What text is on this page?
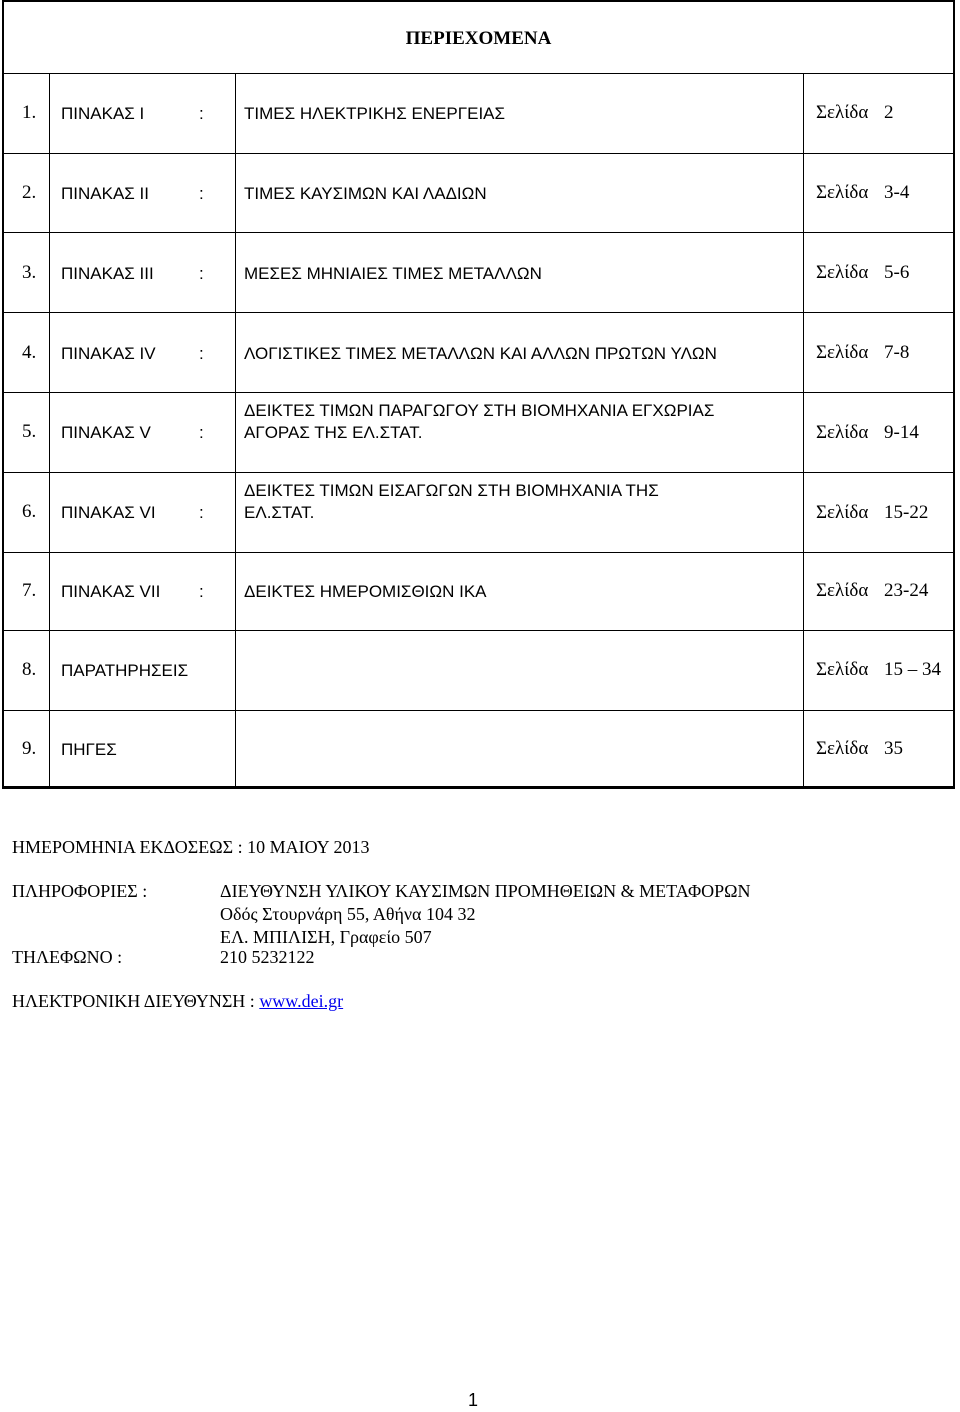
ΠΕΡΙΕΧΟΜΕΝΑ
1.	ΠΙΝΑΚΑΣ I	: ΤΙΜΕΣ ΗΛΕΚΤΡΙΚΗΣ ΕΝΕΡΓΕΙΑΣ	Σελίδα 2
2.	ΠΙΝΑΚΑΣ II	: ΤΙΜΕΣ ΚΑΥΣΙΜΩΝ ΚΑΙ ΛΑΔΙΩΝ	Σελίδα 3-4
3.	ΠΙΝΑΚΑΣ III	: ΜΕΣΕΣ ΜΗΝΙΑΙΕΣ ΤΙΜΕΣ ΜΕΤΑΛΛΩΝ	Σελίδα 5-6
4.	ΠΙΝΑΚΑΣ IV	: ΛΟΓΙΣΤΙΚΕΣ ΤΙΜΕΣ ΜΕΤΑΛΛΩΝ ΚΑΙ ΑΛΛΩΝ ΠΡΩΤΩΝ ΥΛΩΝ	Σελίδα 7-8
5.	ΠΙΝΑΚΑΣ V	:
ΔΕΙΚΤΕΣ ΤΙΜΩΝ ΠΑΡΑΓΩΓΟΥ ΣΤΗ ΒΙΟΜΗΧΑΝΙΑ ΕΓΧΩΡΙΑΣ
ΑΓΟΡΑΣ ΤΗΣ ΕΛ.ΣΤΑΤ.	Σελίδα 9-14
6.	ΠΙΝΑΚΑΣ VI	:
ΔΕΙΚΤΕΣ ΤΙΜΩΝ ΕΙΣΑΓΩΓΩΝ ΣΤΗ ΒΙΟΜΗΧΑΝΙΑ ΤΗΣ
ΕΛ.ΣΤΑΤ.	Σελίδα 15-22
7.	ΠΙΝΑΚΑΣ VII : ΔΕΙΚΤΕΣ ΗΜΕΡΟΜΙΣΘΙΩΝ ΙΚΑ	Σελίδα 23-24
8.	ΠΑΡΑΤΗΡΗΣΕΙΣ	Σελίδα 15 – 34
9.	ΠΗΓΕΣ	Σελίδα 35
ΗΜΕΡΟΜΗΝΙΑ ΕΚΔΟΣΕΩΣ : 10 ΜΑΙΟΥ 2013
ΠΛΗΡΟΦΟΡΙΕΣ :	ΔΙΕΥΘΥΝΣΗ ΥΛΙΚΟΥ ΚΑΥΣΙΜΩΝ ΠΡΟΜΗΘΕΙΩΝ & ΜΕΤΑΦΟΡΩΝ
Οδός Στουρνάρη 55, Αθήνα 104 32
ΕΛ. ΜΠΙΛΙΣΗ, Γραφείο 507
ΤΗΛΕΦΩΝΟ :	210 5232122
ΗΛΕΚΤΡΟΝΙΚΗ ΔΙΕΥΘΥΝΣΗ : www.dei.gr
1
